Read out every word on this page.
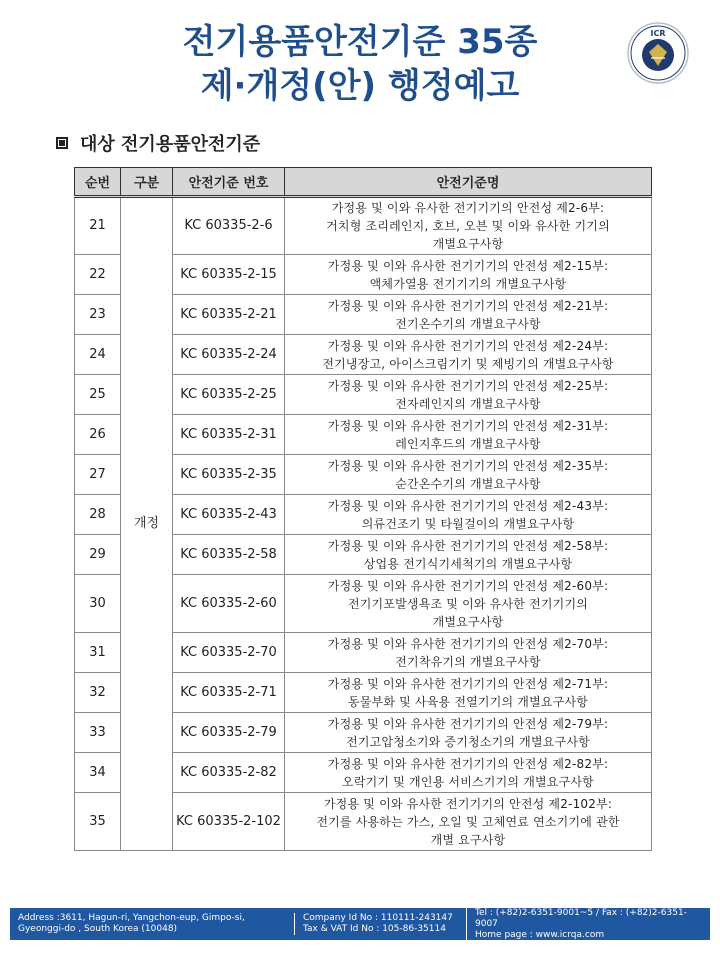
전기용품안전기준 35종
제·개정(안) 행정예고
ICR
대상 전기용품안전기준
순번	구분	안전기준 번호	안전기준명
21	개정	KC 60335-2-6	가정용 및 이와 유사한 전기기기의 안전성 제2-6부:
거치형 조리레인지, 호브, 오븐 및 이와 유사한 기기의
개별요구사항

22		KC 60335-2-15	가정용 및 이와 유사한 전기기기의 안전성 제2-15부:
액체가열용 전기기기의 개별요구사항

23		KC 60335-2-21	가정용 및 이와 유사한 전기기기의 안전성 제2-21부:
전기온수기의 개별요구사항

24		KC 60335-2-24	가정용 및 이와 유사한 전기기기의 안전성 제2-24부:
전기냉장고, 아이스크림기기 및 제빙기의 개별요구사항

25		KC 60335-2-25	가정용 및 이와 유사한 전기기기의 안전성 제2-25부:
전자레인지의 개별요구사항

26		KC 60335-2-31	가정용 및 이와 유사한 전기기기의 안전성 제2-31부:
레인지후드의 개별요구사항

27		KC 60335-2-35	가정용 및 이와 유사한 전기기기의 안전성 제2-35부:
순간온수기의 개별요구사항

28		KC 60335-2-43	가정용 및 이와 유사한 전기기기의 안전성 제2-43부:
의류건조기 및 타월걸이의 개별요구사항

29		KC 60335-2-58	가정용 및 이와 유사한 전기기기의 안전성 제2-58부:
상업용 전기식기세척기의 개별요구사항

30		KC 60335-2-60	가정용 및 이와 유사한 전기기기의 안전성 제2-60부:
전기기포발생욕조 및 이와 유사한 전기기기의
개별요구사항

31		KC 60335-2-70	가정용 및 이와 유사한 전기기기의 안전성 제2-70부:
전기착유기의 개별요구사항

32		KC 60335-2-71	가정용 및 이와 유사한 전기기기의 안전성 제2-71부:
동물부화 및 사육용 전열기기의 개별요구사항

33		KC 60335-2-79	가정용 및 이와 유사한 전기기기의 안전성 제2-79부:
전기고압청소기와 증기청소기의 개별요구사항

34		KC 60335-2-82	가정용 및 이와 유사한 전기기기의 안전성 제2-82부:
오락기기 및 개인용 서비스기기의 개별요구사항

35		KC 60335-2-102	가정용 및 이와 유사한 전기기기의 안전성 제2-102부:
전기를 사용하는 가스, 오일 및 고체연료 연소기기에 관한
개별 요구사항
Address :3611, Hagun-ri, Yangchon-eup, Gimpo-si,
Gyeonggi-do , South Korea (10048)
Company Id No : 110111-243147
Tax & VAT Id No : 105-86-35114
Tel : (+82)2-6351-9001~5 / Fax : (+82)2-6351-9007
Home page : www.icrqa.com
